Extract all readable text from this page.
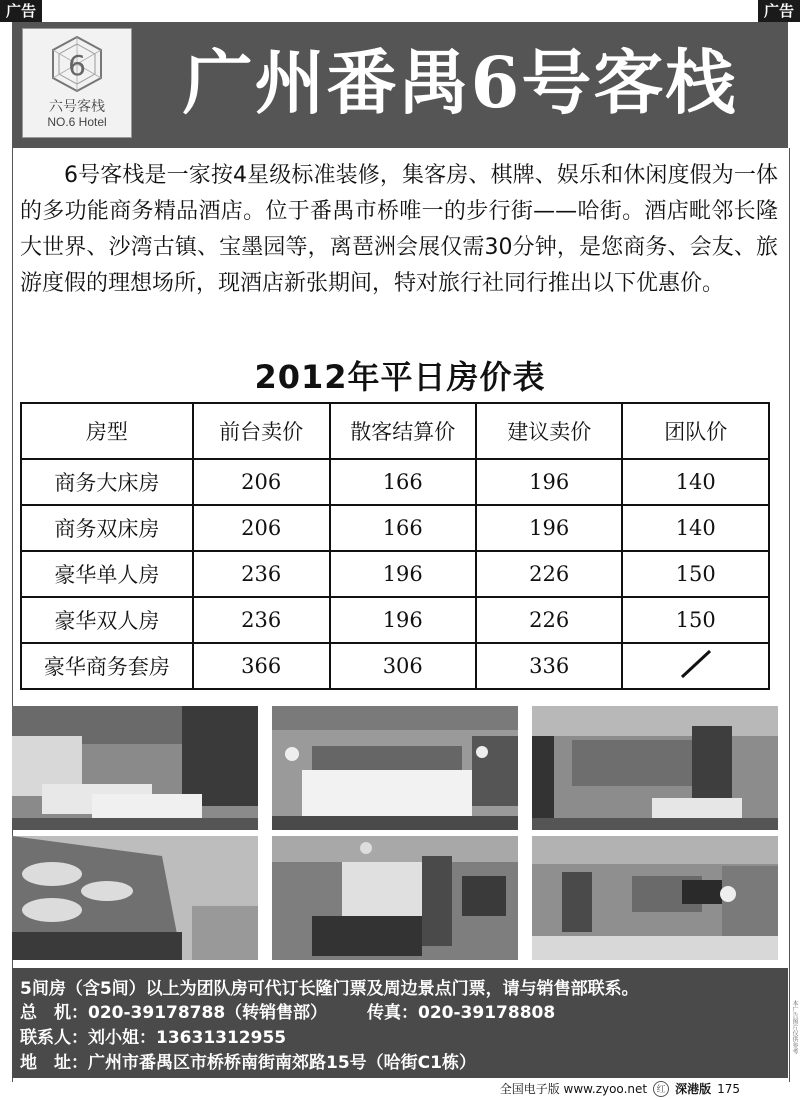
广告	广告
6
六号客栈
NO.6 Hotel	广州番禺6号客栈
6号客栈是一家按4星级标准装修，集客房、棋牌、娱乐和休闲度假为一体的多功能商务精品酒店。位于番禺市桥唯一的步行街——哈街。酒店毗邻长隆大世界、沙湾古镇、宝墨园等，离琶洲会展仅需30分钟，是您商务、会友、旅游度假的理想场所，现酒店新张期间，特对旅行社同行推出以下优惠价。
2012年平日房价表
房型	前台卖价	散客结算价	建议卖价	团队价
商务大床房	206	166	196	140
商务双床房	206	166	196	140
豪华单人房	236	196	226	150
豪华双人房	236	196	226	150
豪华商务套房	366	306	336	
5间房（含5间）以上为团队房可代订长隆门票及周边景点门票，请与销售部联系。
总　机：020-39178788（转销售部） 传真：020-39178808
联系人：刘小姐：13631312955
地　址：广州市番禺区市桥桥南街南郊路15号（哈街C1栋）
本广告图片仅供参考
全国电子版 www.zyoo.net	红 深港版 175
